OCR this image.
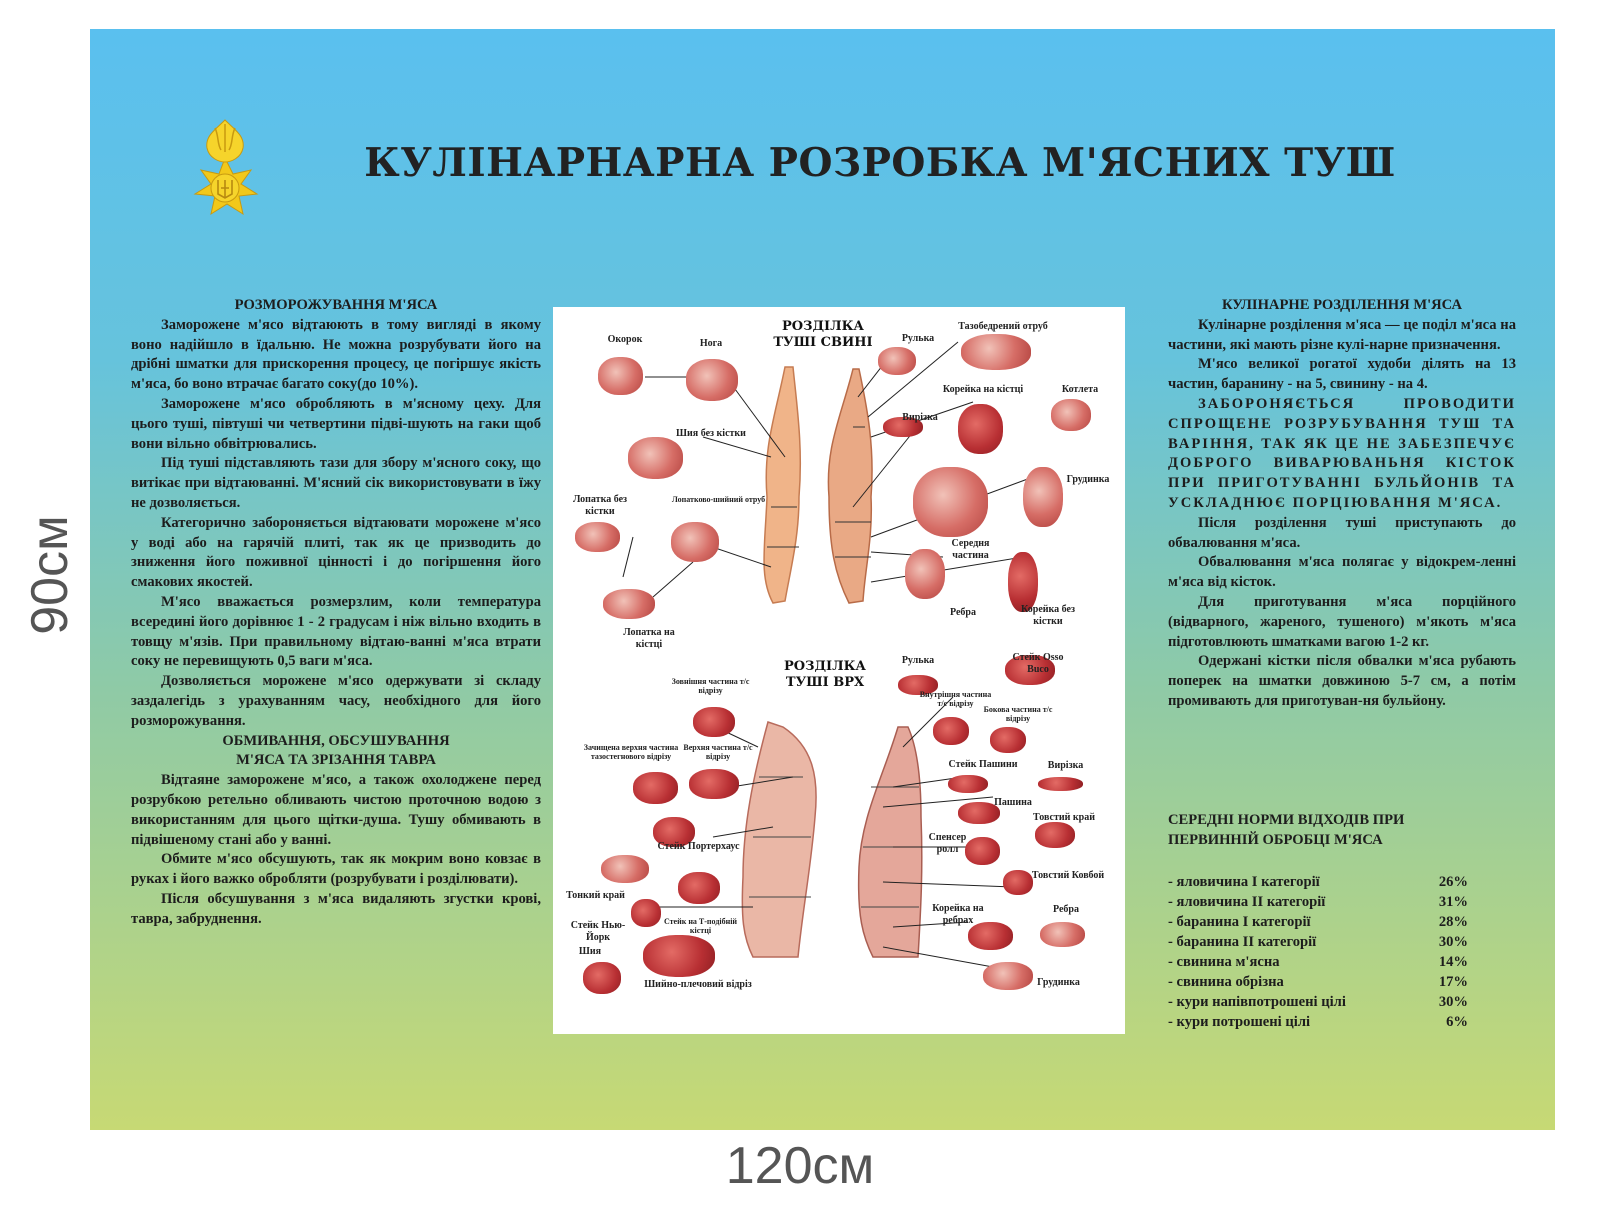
90см
120см
КУЛІНАРНАРНА РОЗРОБКА М'ЯСНИХ ТУШ
РОЗМОРОЖУВАННЯ М'ЯСА

Заморожене м'ясо відтаюють в тому вигляді в якому воно надійшло в їдальню. Не можна розрубувати його на дрібні шматки для прискорення процесу, це погіршує якість м'яса, бо воно втрачає багато соку(до 10%).

Заморожене м'ясо обробляють в м'ясному цеху. Для цього туші, півтуші чи четвертини підві-шують на гаки щоб вони вільно обвітрювались.

Під туші підставляють тази для збору м'ясного соку, що витікає при відтаюванні. М'ясний сік використовувати в їжу не дозволяється.

Категорично забороняється відтаювати морожене м'ясо у воді або на гарячій плиті, так як це призводить до зниження його поживної цінності і до погіршення його смакових якостей.

М'ясо вважається розмерзлим, коли температура всередині його дорівнює 1 - 2 градусам і ніж вільно входить в товщу м'язів. При правильному відтаю-ванні м'яса втрати соку не перевищують 0,5 ваги м'яса.

Дозволяється морожене м'ясо одержувати зі складу заздалегідь з урахуванням часу, необхідного для його розморожування.

ОБМИВАННЯ, ОБСУШУВАННЯ
М'ЯСА ТА ЗРІЗАННЯ ТАВРА

Відтаяне заморожене м'ясо, а також охолоджене перед розрубкою ретельно обливають чистою проточною водою з використанням для цього щітки-душа. Тушу обмивають в підвішеному стані або у ванні.

Обмите м'ясо обсушують, так як мокрим воно ковзає в руках і його важко обробляти (розрубувати і розділювати).

Після обсушування з м'яса видаляють згустки крові, тавра, забруднення.

КУЛІНАРНЕ РОЗДІЛЕННЯ М'ЯСА

Кулінарне розділення м'яса — це поділ м'яса на частини, які мають різне кулі-нарне призначення.

М'ясо великої рогатої худоби ділять на 13 частин, баранину - на 5, свинину - на 4.

ЗАБОРОНЯЄТЬСЯ ПРОВОДИТИ СПРОЩЕНЕ РОЗРУБУВАННЯ ТУШ ТА ВАРІННЯ, ТАК ЯК ЦЕ НЕ ЗАБЕЗПЕЧУЄ ДОБРОГО ВИВАРЮВАНЬНЯ КІСТОК ПРИ ПРИГОТУВАННІ БУЛЬЙОНІВ ТА УСКЛАДНЮЄ ПОРЦІЮВАННЯ М'ЯСА.

Після розділення туші приступають до обвалювання м'яса.

Обвалювання м'яса полягає у відокрем-ленні м'яса від кісток.

Для приготування м'яса порційного (відварного, жареного, тушеного) м'якоть м'яса підготовлюють шматками вагою 1-2 кг.

Одержані кістки після обвалки м'яса рубають поперек на шматки довжиною 5-7 см, а потім промивають для приготуван-ня бульйону.

СЕРЕДНІ НОРМИ ВІДХОДІВ ПРИ ПЕРВИННІЙ ОБРОБЦІ М'ЯСА
- яловичина I категорії	26%
- яловичина II категорії	31%
- баранина I категорії	28%
- баранина II категорії	30%
- свинина м'ясна	14%
- свинина обрізна	17%
- кури напівпотрошені цілі	30%
- кури потрошені цілі	6%
РОЗДІЛКА ТУШІ СВИНІ
Окорок	Нога	Рулька
Тазобедрений отруб
Корейка на кістці	Котлета
Шия без кістки
Вирізка
Грудинка
Лопатка без кістки
Лопатково-шийний отруб
Середня частина
Ребра	Корейка без кістки
Лопатка на кістці
РОЗДІЛКА ТУШІ ВРХ
Рулька	Стейк Osso Buco
Зовнішня частина т/с відрізу	Внутрішня частина т/с відрізу
Бокова частина т/с відрізу
Зачищена верхня частина тазостегнового відрізу
Верхня частина т/с відрізу
Стейк Пашини	Вирізка
Пашина
Товстий край
Стейк Портерхаус
Спенсер ролл
Тонкий край
Товстий Ковбой
Стейк Нью-Йорк
Стейк на Т-подібній кістці
Корейка на ребрах
Ребра
Шия
Шийно-плечовий відріз	Грудинка
